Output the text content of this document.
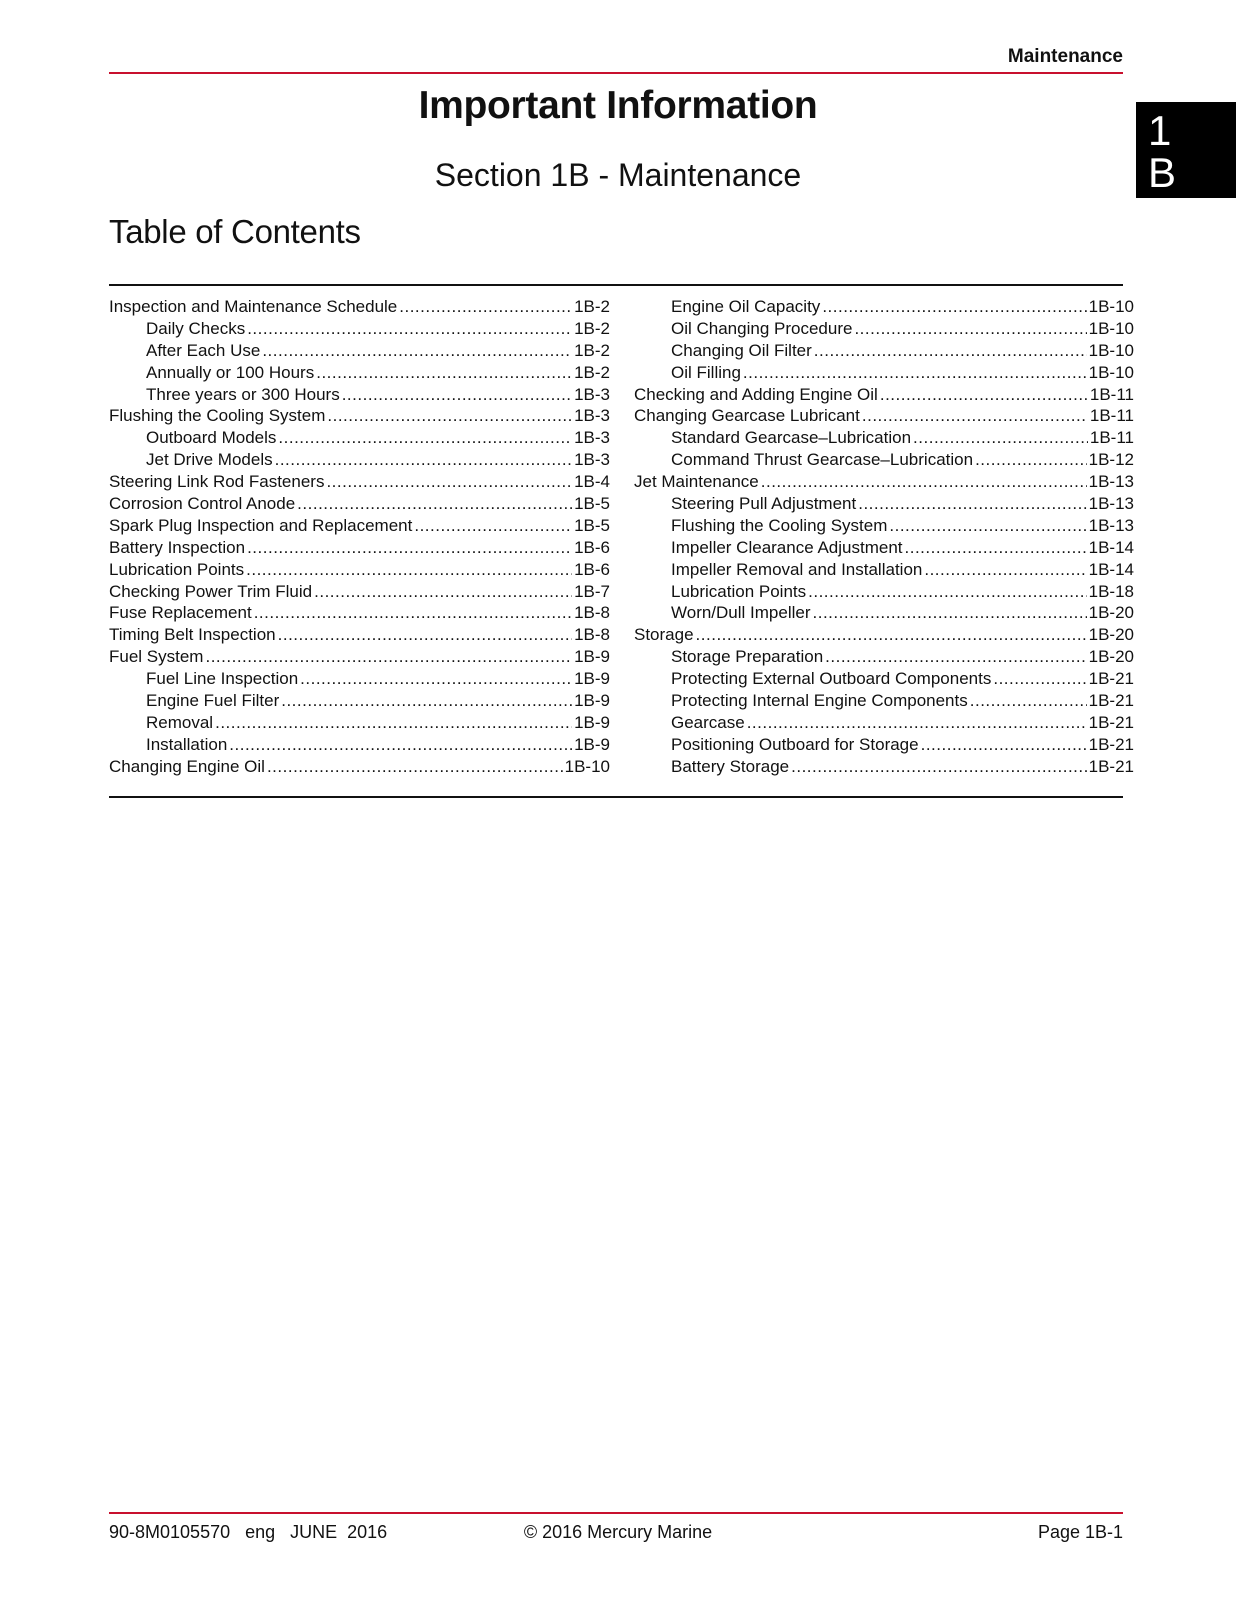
Maintenance
Important Information
Section 1B - Maintenance
1
B
Table of Contents
Inspection and Maintenance Schedule .....	1B-2
Daily Checks .....	1B-2
After Each Use .....	1B-2
Annually or 100 Hours .....	1B-2
Three years or 300 Hours .....	1B-3
Flushing the Cooling System .....	1B-3
Outboard Models .....	1B-3
Jet Drive Models .....	1B-3
Steering Link Rod Fasteners .....	1B-4
Corrosion Control Anode .....	1B-5
Spark Plug Inspection and Replacement .....	1B-5
Battery Inspection .....	1B-6
Lubrication Points .....	1B-6
Checking Power Trim Fluid .....	1B-7
Fuse Replacement .....	1B-8
Timing Belt Inspection .....	1B-8
Fuel System .....	1B-9
Fuel Line Inspection .....	1B-9
Engine Fuel Filter .....	1B-9
Removal .....	1B-9
Installation .....	1B-9
Changing Engine Oil .....	1B-10
Engine Oil Capacity .....	1B-10
Oil Changing Procedure .....	1B-10
Changing Oil Filter .....	1B-10
Oil Filling .....	1B-10
Checking and Adding Engine Oil .....	1B-11
Changing Gearcase Lubricant .....	1B-11
Standard Gearcase–Lubrication .....	1B-11
Command Thrust Gearcase–Lubrication .....	1B-12
Jet Maintenance .....	1B-13
Steering Pull Adjustment .....	1B-13
Flushing the Cooling System .....	1B-13
Impeller Clearance Adjustment .....	1B-14
Impeller Removal and Installation .....	1B-14
Lubrication Points .....	1B-18
Worn/Dull Impeller .....	1B-20
Storage .....	1B-20
Storage Preparation .....	1B-20
Protecting External Outboard Components .....	1B-21
Protecting Internal Engine Components .....	1B-21
Gearcase .....	1B-21
Positioning Outboard for Storage .....	1B-21
Battery Storage .....	1B-21
90-8M0105570   eng   JUNE  2016	© 2016 Mercury Marine	Page 1B-1
